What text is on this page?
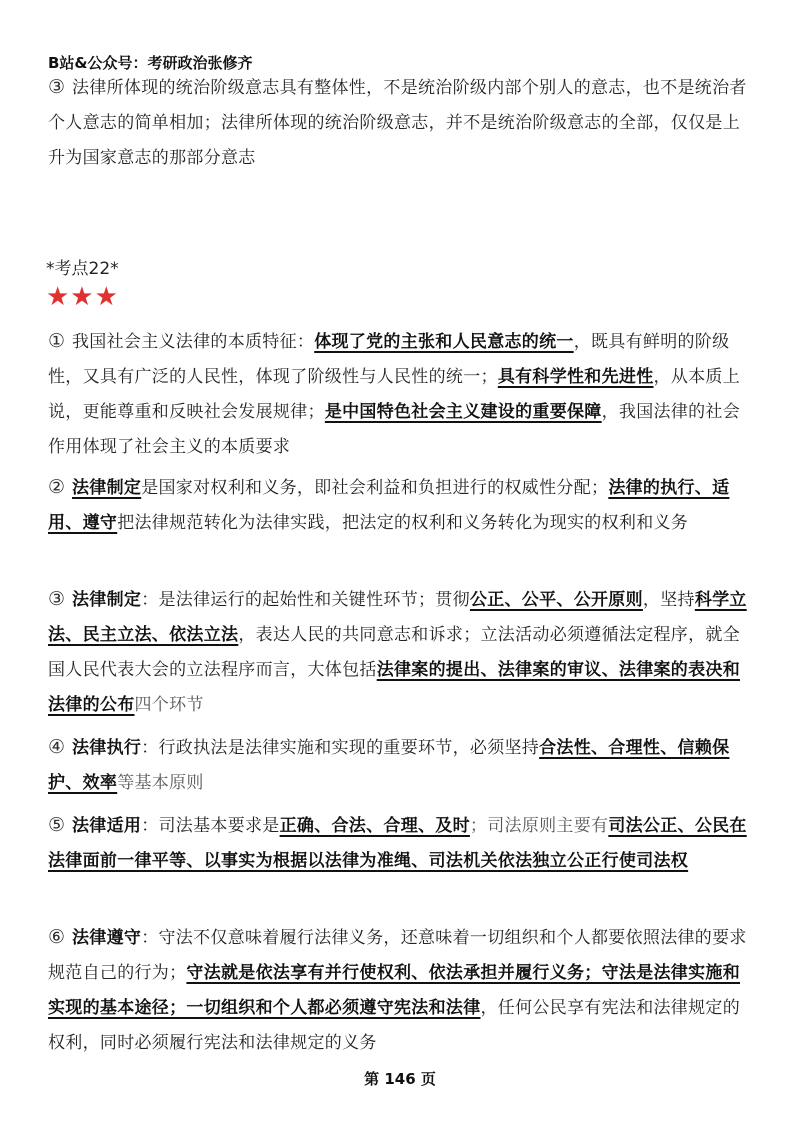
B站&公众号：考研政治张修齐
③ 法律所体现的统治阶级意志具有整体性，不是统治阶级内部个别人的意志，也不是统治者个人意志的简单相加；法律所体现的统治阶级意志，并不是统治阶级意志的全部，仅仅是上升为国家意志的那部分意志
*考点22*
★★★
① 我国社会主义法律的本质特征：体现了党的主张和人民意志的统一，既具有鲜明的阶级性，又具有广泛的人民性，体现了阶级性与人民性的统一；具有科学性和先进性，从本质上说，更能尊重和反映社会发展规律；是中国特色社会主义建设的重要保障，我国法律的社会作用体现了社会主义的本质要求
② 法律制定是国家对权利和义务，即社会利益和负担进行的权威性分配；法律的执行、适用、遵守把法律规范转化为法律实践，把法定的权利和义务转化为现实的权利和义务
③ 法律制定：是法律运行的起始性和关键性环节；贯彻公正、公平、公开原则，坚持科学立法、民主立法、依法立法，表达人民的共同意志和诉求；立法活动必须遵循法定程序，就全国人民代表大会的立法程序而言，大体包括法律案的提出、法律案的审议、法律案的表决和法律的公布四个环节
④ 法律执行：行政执法是法律实施和实现的重要环节，必须坚持合法性、合理性、信赖保护、效率等基本原则
⑤ 法律适用：司法基本要求是正确、合法、合理、及时；司法原则主要有司法公正、公民在法律面前一律平等、以事实为根据以法律为准绳、司法机关依法独立公正行使司法权
⑥ 法律遵守：守法不仅意味着履行法律义务，还意味着一切组织和个人都要依照法律的要求规范自己的行为；守法就是依法享有并行使权利、依法承担并履行义务；守法是法律实施和实现的基本途径；一切组织和个人都必须遵守宪法和法律，任何公民享有宪法和法律规定的权利，同时必须履行宪法和法律规定的义务
第 146 页
